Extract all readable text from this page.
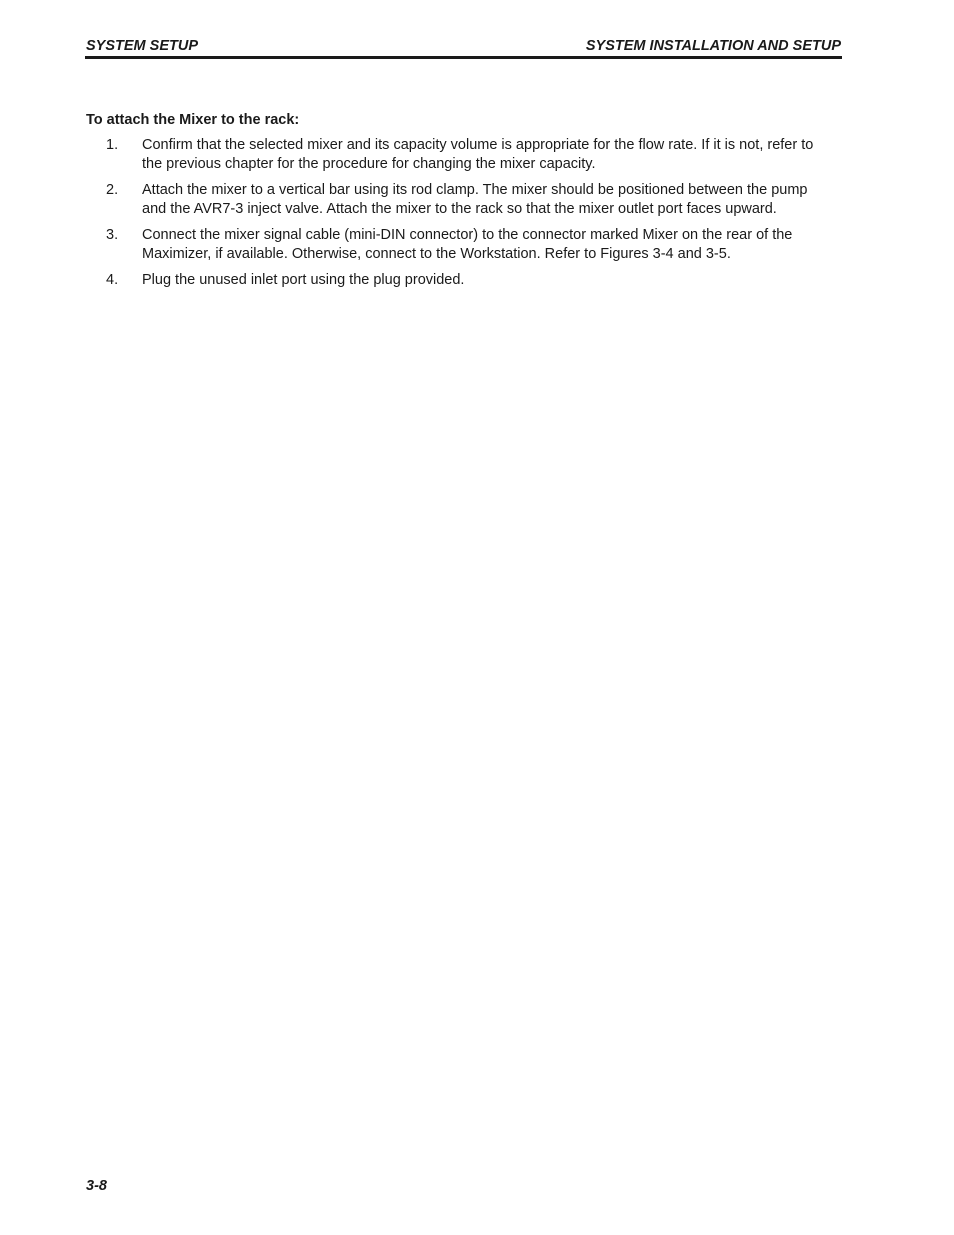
SYSTEM SETUP	SYSTEM INSTALLATION AND SETUP
To attach the Mixer to the rack:
1. Confirm that the selected mixer and its capacity volume is appropriate for the flow rate. If it is not, refer to the previous chapter for the procedure for changing the mixer capacity.
2. Attach the mixer to a vertical bar using its rod clamp. The mixer should be positioned between the pump and the AVR7-3 inject valve. Attach the mixer to the rack so that the mixer outlet port faces upward.
3. Connect the mixer signal cable (mini-DIN connector) to the connector marked Mixer on the rear of the Maximizer, if available. Otherwise, connect to the Workstation. Refer to Figures 3-4 and 3-5.
4. Plug the unused inlet port using the plug provided.
3-8
